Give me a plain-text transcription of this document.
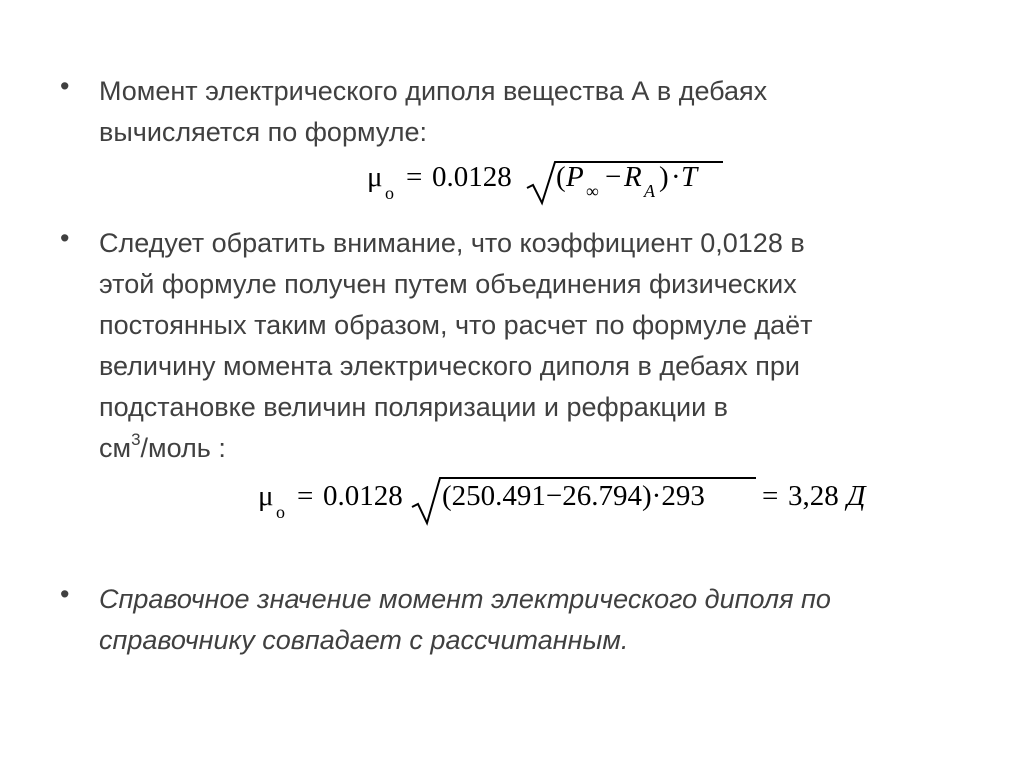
• Момент электрического диполя вещества А в дебаях

вычисляется по формуле:

μ o = 0.0128 ( P ∞ − R A ) · T
• Следует обратить внимание, что коэффициент 0,0128 в

этой формуле получен путем объединения физических

постоянных таким образом, что расчет по формуле даёт

величину момента электрического диполя в дебаях при

подстановке величин поляризации и рефракции в

$см^3$/моль :

μ o = 0.0128 (250.491−26.794)·293 = 3,28 Д
• Справочное значение момент электрического диполя по

справочнику совпадает с рассчитанным.
